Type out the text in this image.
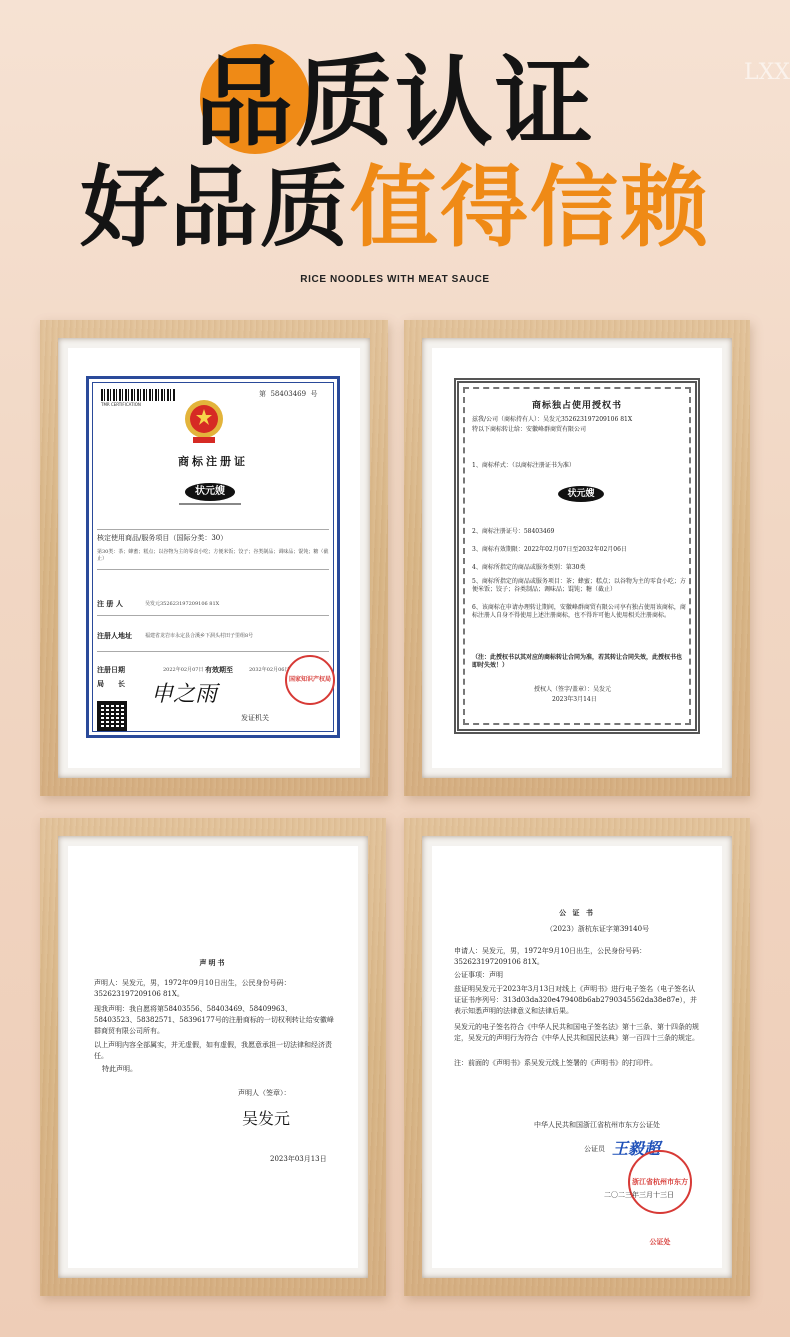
品质认证
好品质值得信赖
RICE NOODLES WITH MEAT SAUCE
LXX
TMR CERTIFICATION
第 58403469 号
商标注册证
状元嫂
核定使用商品/服务项目（国际分类：30）
第30类：茶；蜂蜜；糕点；以谷物为主的零食小吃；方便米饭；饺子；谷类制品；调味品；馄饨；糖（截止）
注 册 人	吴发元352623197209106 81X
注册人地址	福建省龙岩市永定县合溪乡下洞头村田子里组8号
注册日期	2022年02月07日 有效期至	2032年02月06日
局　　长 申之雨
国家知识产权局
发证机关
商标独占使用授权书
兹我/公司（商标持有人）：吴发元352623197209106 81X
特以下商标转让给：安徽峰群商贸有限公司
1、商标样式：（以商标注册证书为准）
状元嫂
2、商标注册证号：58403469
3、商标有效期限：2022年02月07日至2032年02月06日
4、商标所指定的商品或服务类别：第30类
5、商标所指定的商品或服务项目：茶；蜂蜜；糕点；以谷物为主的零食小吃；方便米饭；饺子；谷类制品；调味品；馄饨；糖（截止）
6、该商标在申请办理转让期间，安徽峰群商贸有限公司享有独占使用该商标，商标注册人自身不得使用上述注册商标，也不得许可他人使用相关注册商标。
（注：此授权书以其对应的商标转让合同为准，若其转让合同失效，此授权书也即时失效！）
授权人（签字/盖章）：吴发元
2023年3月14日
声明书
声明人：吴发元，男，1972年09月10日出生，公民身份号码：352623197209106 81X。
现我声明：我自愿将第58403556、58403469、58409963、58403523、58382571、58396177号的注册商标的一切权利转让给安徽峰群商贸有限公司所有。
以上声明内容全部属实，并无虚假，如有虚假，我愿意承担一切法律和经济责任。
特此声明。
声明人（签章）：
吴发元
2023年03月13日
公 证 书
（2023）浙杭东证字第39140号
申请人：吴发元，男，1972年9月10日出生，公民身份号码：352623197209106 81X。
公证事项：声明
兹证明吴发元于2023年3月13日对线上《声明书》进行电子签名（电子签名认证证书序列号：313d03da320e479408b6ab2790345562da38e87e），并表示知悉声明的法律意义和法律后果。
吴发元的电子签名符合《中华人民共和国电子签名法》第十三条、第十四条的规定，吴发元的声明行为符合《中华人民共和国民法典》第一百四十三条的规定。
注：前面的《声明书》系吴发元线上签署的《声明书》的打印件。
中华人民共和国浙江省杭州市东方公证处
公证员 王毅超
浙江省杭州市东方公证处
二〇二三年三月十三日
